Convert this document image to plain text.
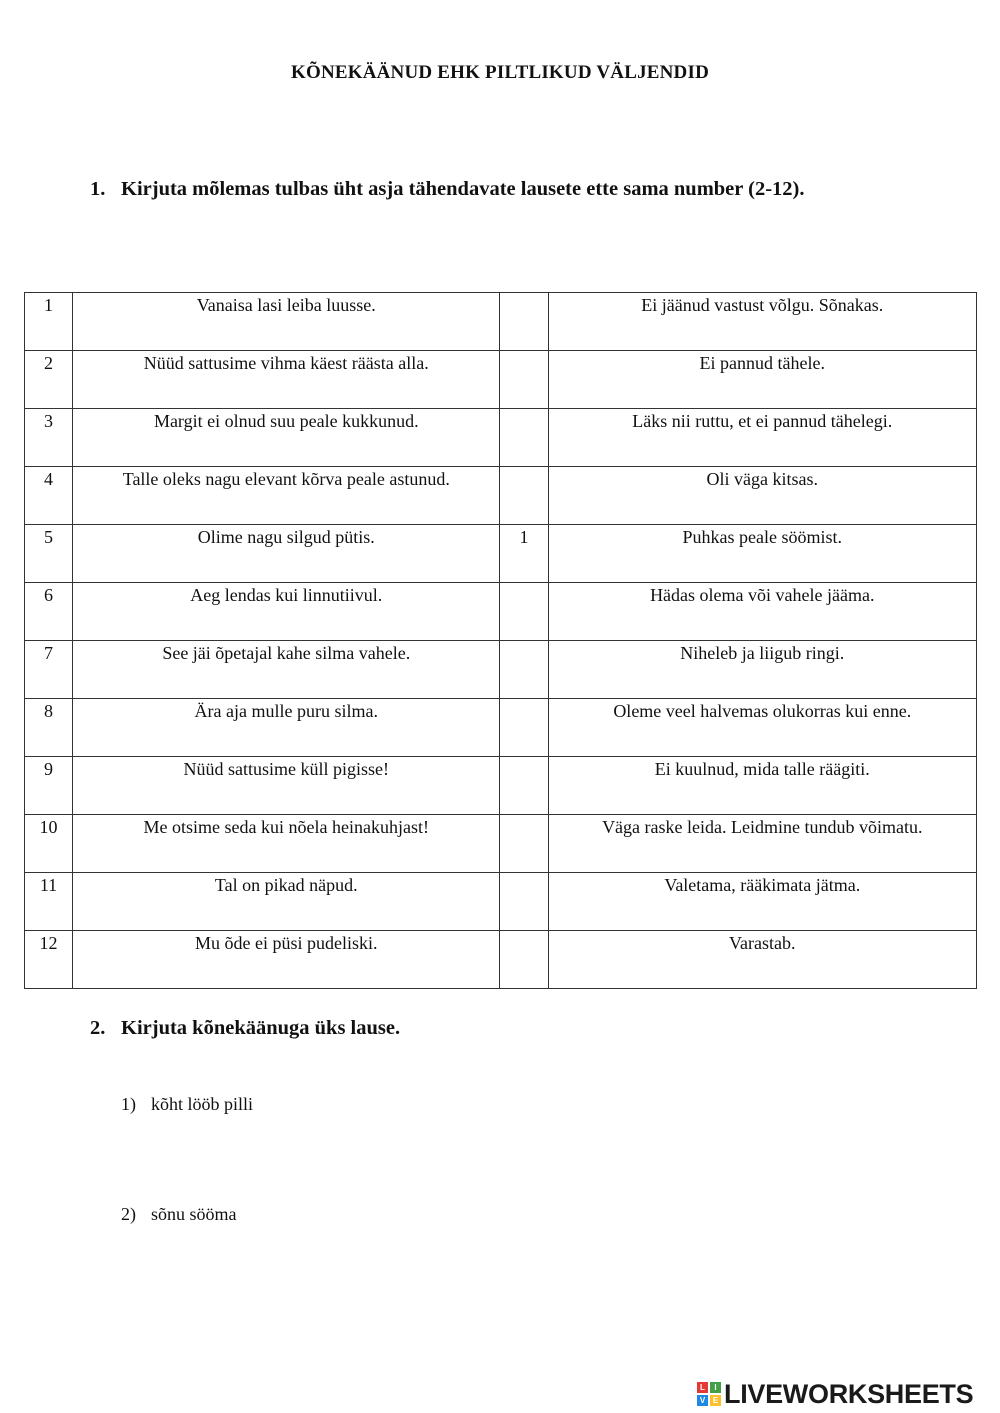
KÕNEKÄÄNUD EHK PILTLIKUD VÄLJENDID
1. Kirjuta mõlemas tulbas üht asja tähendavate lausete ette sama number (2-12).
1	Vanaisa lasi leiba luusse.		Ei jäänud vastust võlgu. Sõnakas.
2	Nüüd sattusime vihma käest räästa alla.		Ei pannud tähele.
3	Margit ei olnud suu peale kukkunud.		Läks nii ruttu, et ei pannud tähelegi.
4	Talle oleks nagu elevant kõrva peale astunud.		Oli väga kitsas.
5	Olime nagu silgud pütis.	1	Puhkas peale söömist.
6	Aeg lendas kui linnutiivul.		Hädas olema või vahele jääma.
7	See jäi õpetajal kahe silma vahele.		Niheleb ja liigub ringi.
8	Ära aja mulle puru silma.		Oleme veel halvemas olukorras kui enne.
9	Nüüd sattusime küll pigisse!		Ei kuulnud, mida talle räägiti.
10	Me otsime seda kui nõela heinakuhjast!		Väga raske leida. Leidmine tundub võimatu.
11	Tal on pikad näpud.		Valetama, rääkimata jätma.
12	Mu õde ei püsi pudeliski.		Varastab.
2. Kirjuta kõnekäänuga üks lause.
1) kõht lööb pilli
2) sõnu sööma
L	I
V E LIVEWORKSHEETS
